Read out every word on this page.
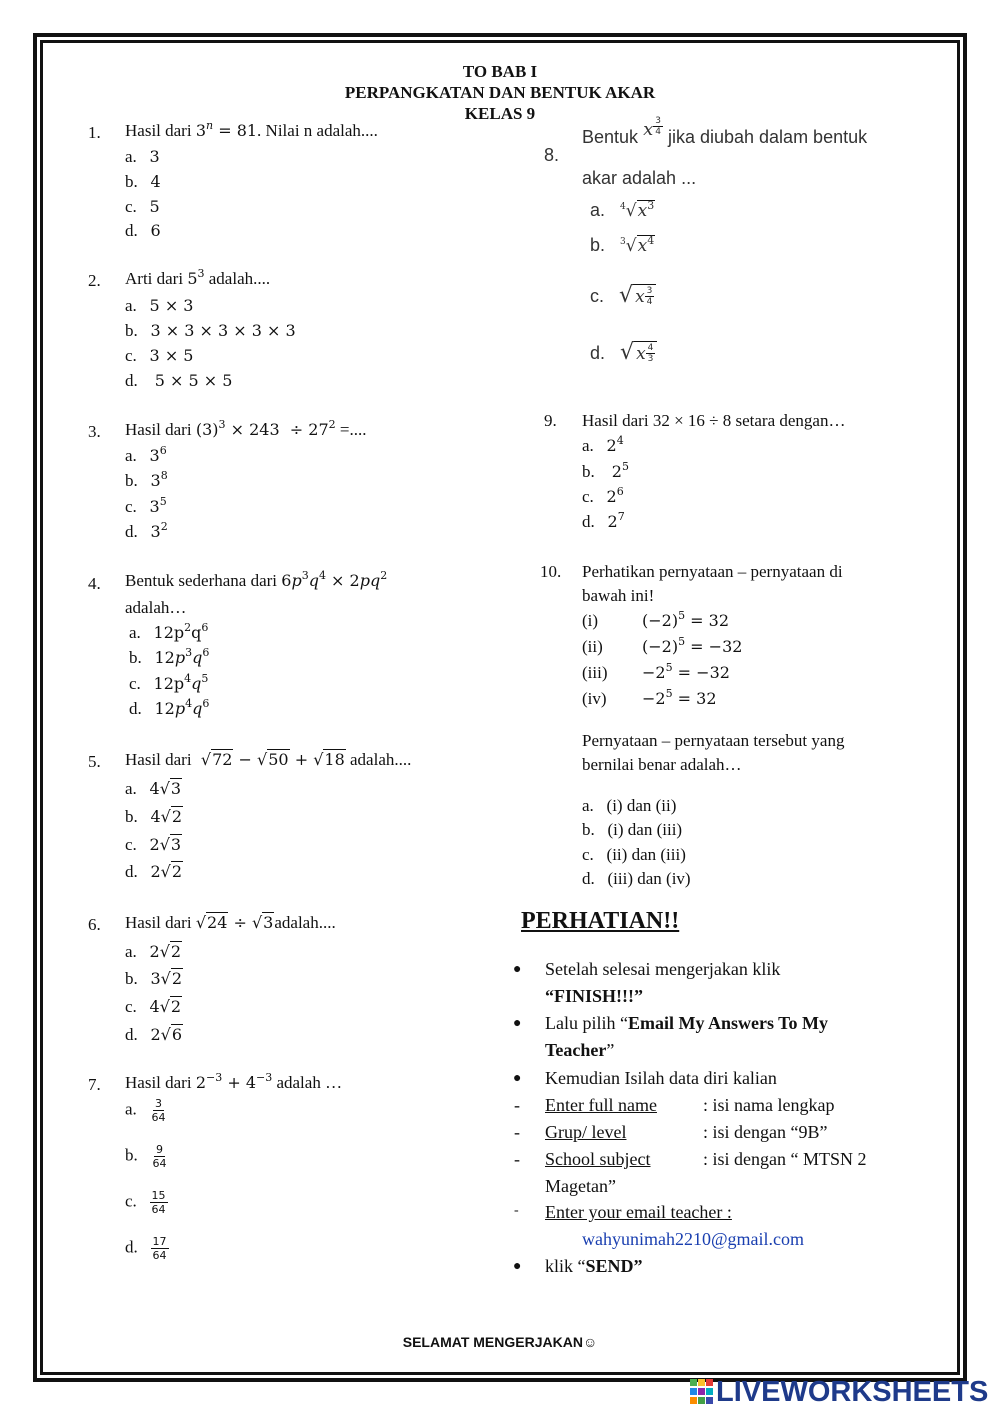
TO BAB I
PERPANGKATAN DAN BENTUK AKAR
KELAS 9
1. Hasil dari $3^n = 81$. Nilai n adalah....
a. 3
b. 4
c. 5
d. 6
2. Arti dari $5^3$ adalah....
a. 5 × 3
b. 3 × 3 × 3 × 3 × 3
c. 3 × 5
d. 5 × 5 × 5
3. Hasil dari $(3)^3 \times 243 \div 27^2$ =....
a. $3^6$
b. $3^8$
c. $3^5$
d. $3^2$
4. Bentuk sederhana dari $6p^3q^4 \times 2pq^2$
adalah…
a. $12p^2q^6$
b. $12p^3q^6$
c. $12p^4q^5$
d. $12p^4q^6$
5. Hasil dari  √72 − √50 + √18 adalah....
a. 4√3
b. 4√2
c. 2√3
d. 2√2
6. Hasil dari √24 ÷ √3adalah....
a. 2√2
b. 3√2
c. 4√2
d. 2√6
7. Hasil dari $2^{-3} + 4^{-3}$ adalah …
a. $\frac{3}{64}$
b. $\frac{9}{64}$
c. $\frac{15}{64}$
d. $\frac{17}{64}$
8.
Bentuk x $\frac{3}{4}$ jika diubah dalam bentuk
akar adalah ...
a. $^4√x^3$
b. $^3√x^4$
c. √ x $\frac{3}{4}$
d. √ x $\frac{4}{3}$
9. Hasil dari 32 × 16 ÷ 8 setara dengan…
a. $2^4$
b. $2^5$
c. $2^6$
d. $2^7$
10. Perhatikan pernyataan – pernyataan di
bawah ini!
(i)	$(-2)^5 = 32$
(ii) $(-2)^5 = -32$
$(iii) -2^5 = -32$
$(iv) -2^5 = 32$
Pernyataan – pernyataan tersebut yang
bernilai benar adalah…
a. (i) dan (ii)
b. (i) dan (iii)
c. (ii) dan (iii)
d. (iii) dan (iv)
PERHATIAN!!
● Setelah selesai mengerjakan klik
“FINISH!!!”
● Lalu pilih “Email My Answers To My
Teacher”
● Kemudian Isilah data diri kalian
- Enter full name	: isi nama lengkap
- Grup/ level	: isi dengan “9B”
- School subject	: isi dengan “ MTSN 2
Magetan”
- Enter your email teacher :
wahyunimah2210@gmail.com
● klik “SEND”
SELAMAT MENGERJAKAN☺
LIVEWORKSHEETS
